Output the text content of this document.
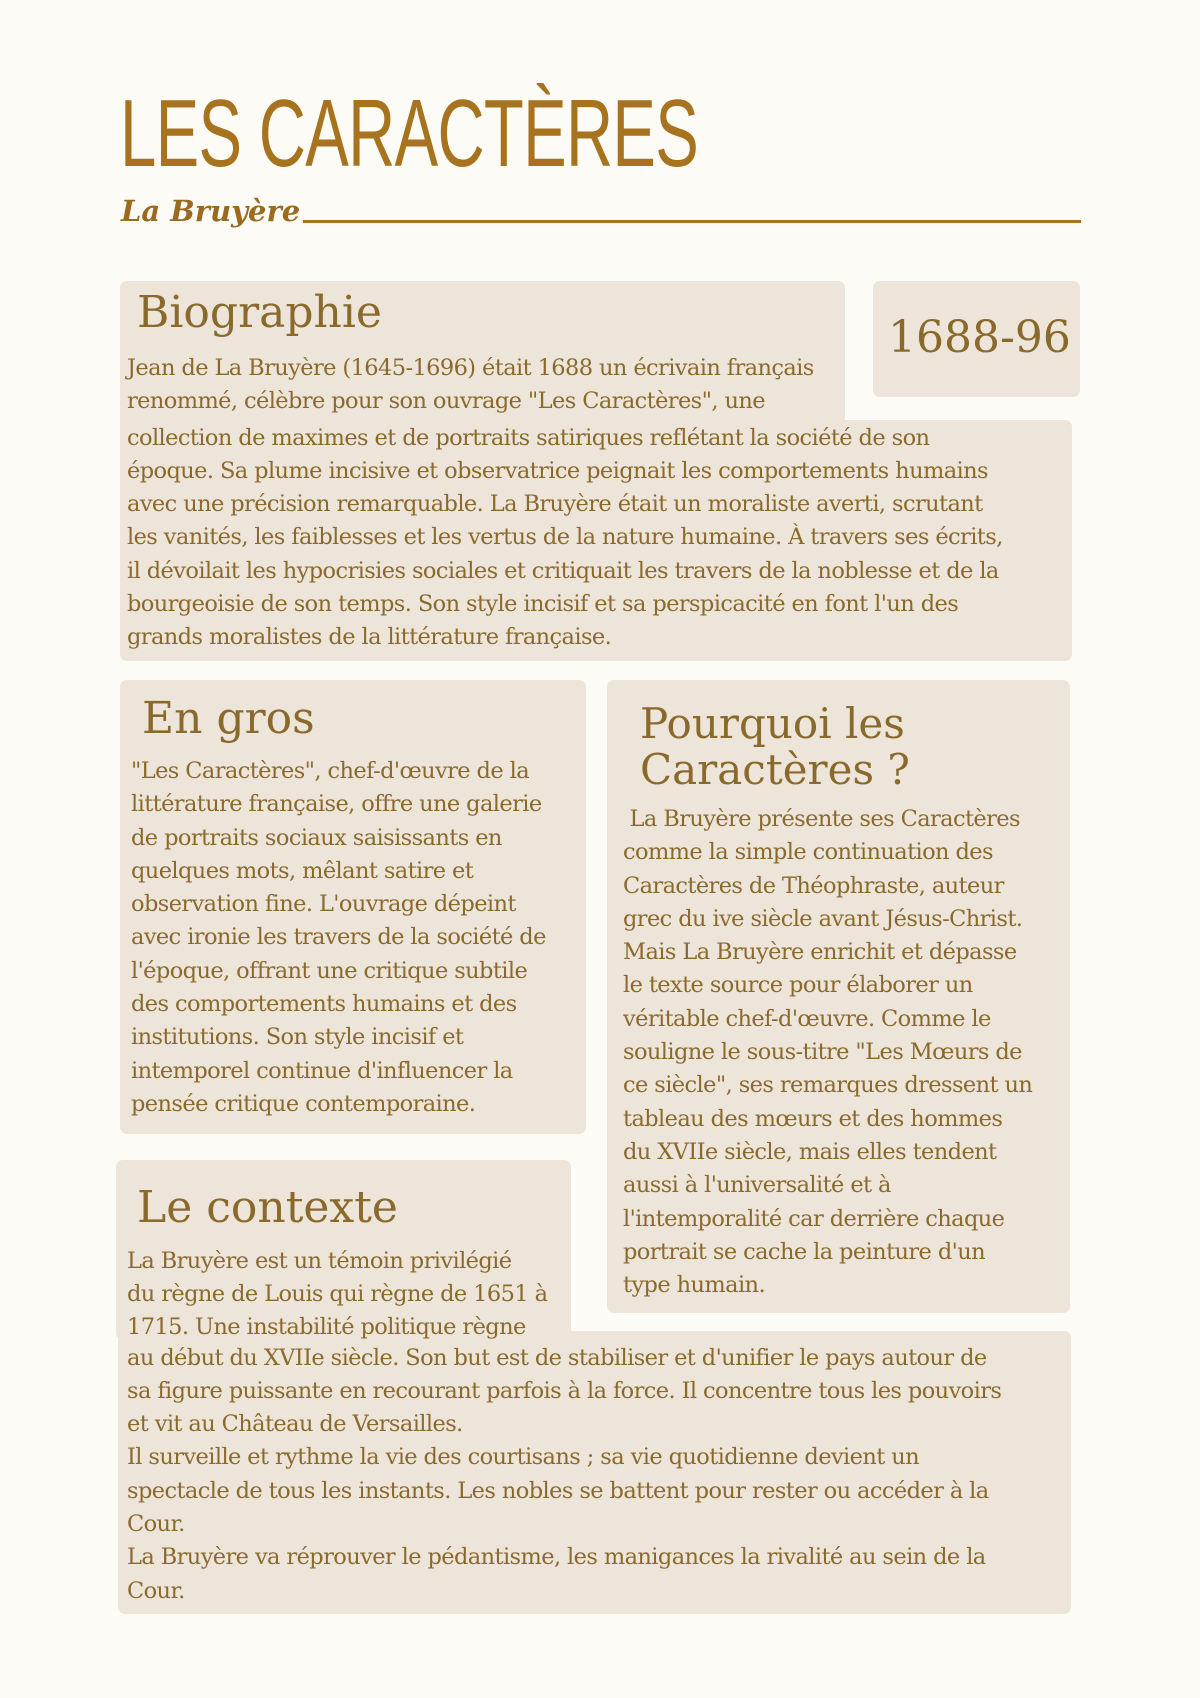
LES CARACTÈRES
La Bruyère
Biographie	1688-96
Jean de La Bruyère (1645-1696) était 1688 un écrivain français
renommé, célèbre pour son ouvrage "Les Caractères", une
collection de maximes et de portraits satiriques reflétant la société de son
époque. Sa plume incisive et observatrice peignait les comportements humains
avec une précision remarquable. La Bruyère était un moraliste averti, scrutant
les vanités, les faiblesses et les vertus de la nature humaine. À travers ses écrits,
il dévoilait les hypocrisies sociales et critiquait les travers de la noblesse et de la
bourgeoisie de son temps. Son style incisif et sa perspicacité en font l'un des
grands moralistes de la littérature française.
En gros
"Les Caractères", chef-d'œuvre de la
littérature française, offre une galerie
de portraits sociaux saisissants en
quelques mots, mêlant satire et
observation fine. L'ouvrage dépeint
avec ironie les travers de la société de
l'époque, offrant une critique subtile
des comportements humains et des
institutions. Son style incisif et
intemporel continue d'influencer la
pensée critique contemporaine.
Pourquoi les
Caractères ?
La Bruyère présente ses Caractères
comme la simple continuation des
Caractères de Théophraste, auteur
grec du ive siècle avant Jésus-Christ.
Mais La Bruyère enrichit et dépasse
le texte source pour élaborer un
véritable chef-d'œuvre. Comme le
souligne le sous-titre "Les Mœurs de
ce siècle", ses remarques dressent un
tableau des mœurs et des hommes
du XVIIe siècle, mais elles tendent
aussi à l'universalité et à
l'intemporalité car derrière chaque
portrait se cache la peinture d'un
type humain.
Le contexte
La Bruyère est un témoin privilégié
du règne de Louis qui règne de 1651 à
1715. Une instabilité politique règne
au début du XVIIe siècle. Son but est de stabiliser et d'unifier le pays autour de
sa figure puissante en recourant parfois à la force. Il concentre tous les pouvoirs
et vit au Château de Versailles.
Il surveille et rythme la vie des courtisans ; sa vie quotidienne devient un
spectacle de tous les instants. Les nobles se battent pour rester ou accéder à la
Cour.
La Bruyère va réprouver le pédantisme, les manigances la rivalité au sein de la
Cour.
